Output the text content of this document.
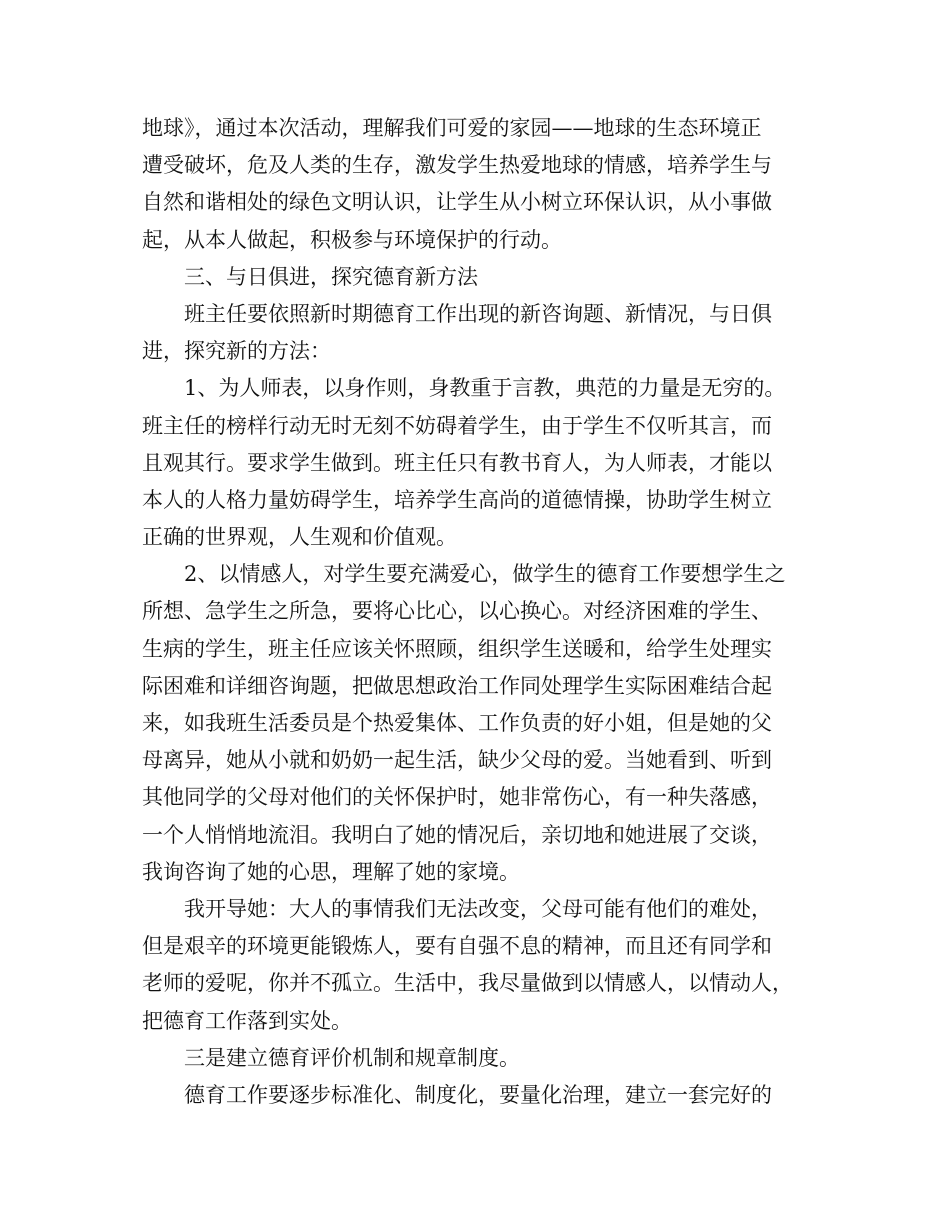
地球》，通过本次活动，理解我们可爱的家园——地球的生态环境正
遭受破坏，危及人类的生存，激发学生热爱地球的情感，培养学生与
自然和谐相处的绿色文明认识，让学生从小树立环保认识，从小事做
起，从本人做起，积极参与环境保护的行动。
三、与日俱进，探究德育新方法
班主任要依照新时期德育工作出现的新咨询题、新情况，与日俱
进，探究新的方法：
1、为人师表，以身作则，身教重于言教，典范的力量是无穷的。
班主任的榜样行动无时无刻不妨碍着学生，由于学生不仅听其言，而
且观其行。要求学生做到。班主任只有教书育人，为人师表，才能以
本人的人格力量妨碍学生，培养学生高尚的道德情操，协助学生树立
正确的世界观，人生观和价值观。
2、以情感人，对学生要充满爱心，做学生的德育工作要想学生之
所想、急学生之所急，要将心比心，以心换心。对经济困难的学生、
生病的学生，班主任应该关怀照顾，组织学生送暖和，给学生处理实
际困难和详细咨询题，把做思想政治工作同处理学生实际困难结合起
来，如我班生活委员是个热爱集体、工作负责的好小姐，但是她的父
母离异，她从小就和奶奶一起生活，缺少父母的爱。当她看到、听到
其他同学的父母对他们的关怀保护时，她非常伤心，有一种失落感，
一个人悄悄地流泪。我明白了她的情况后，亲切地和她进展了交谈，
我询咨询了她的心思，理解了她的家境。
我开导她：大人的事情我们无法改变，父母可能有他们的难处，
但是艰辛的环境更能锻炼人，要有自强不息的精神，而且还有同学和
老师的爱呢，你并不孤立。生活中，我尽量做到以情感人，以情动人，
把德育工作落到实处。
三是建立德育评价机制和规章制度。
德育工作要逐步标准化、制度化，要量化治理，建立一套完好的
